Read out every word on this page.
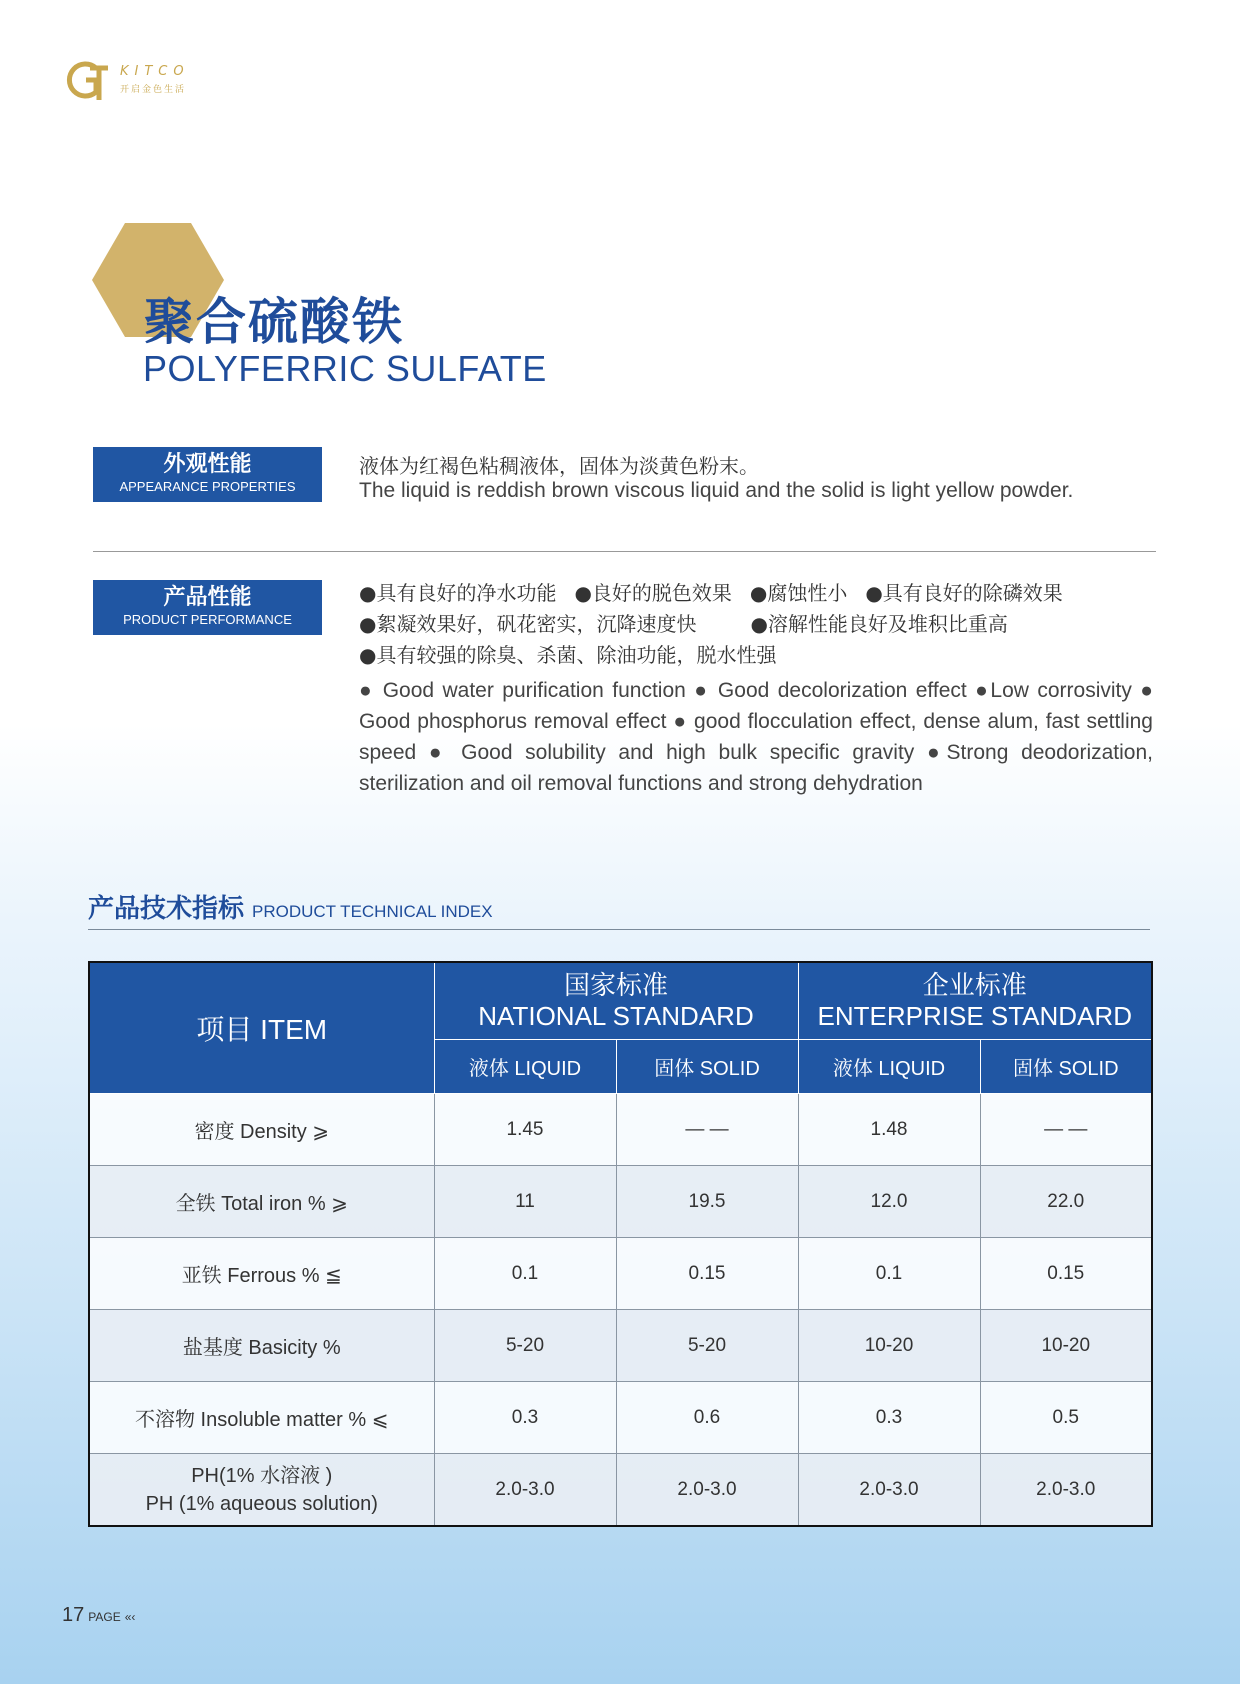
KITCO
开启金色生活
聚合硫酸铁
POLYFERRIC SULFATE
外观性能
APPEARANCE PROPERTIES
液体为红褐色粘稠液体，固体为淡黄色粉末。
The liquid is reddish brown viscous liquid and the solid is light yellow powder.
产品性能
PRODUCT PERFORMANCE
●具有良好的净水功能 ●良好的脱色效果 ●腐蚀性小 ●具有良好的除磷效果
●絮凝效果好，矾花密实，沉降速度快	●溶解性能良好及堆积比重高
●具有较强的除臭、杀菌、除油功能，脱水性强
● Good water purification function ● Good decolorization effect ●Low corrosivity ● Good phosphorus removal effect ● good flocculation effect, dense alum, fast settling speed ● Good solubility and high bulk specific gravity ●Strong deodorization, sterilization and oil removal functions and strong dehydration
产品技术指标 PRODUCT TECHNICAL INDEX
项目 ITEM	国家标准
NATIONAL STANDARD		企业标准
ENTERPRISE STANDARD	
	液体 LIQUID	固体 SOLID	液体 LIQUID	固体 SOLID
密度 Density ⩾	1.45	— —	1.48	— —
全铁 Total iron % ⩾	11	19.5	12.0	22.0
亚铁 Ferrous % ≦	0.1	0.15	0.1	0.15
盐基度 Basicity %	5-20	5-20	10-20	10-20
不溶物 Insoluble matter % ⩽	0.3	0.6	0.3	0.5
PH(1% 水溶液 )
PH (1% aqueous solution)	2.0-3.0	2.0-3.0	2.0-3.0	2.0-3.0
17 PAGE «‹
